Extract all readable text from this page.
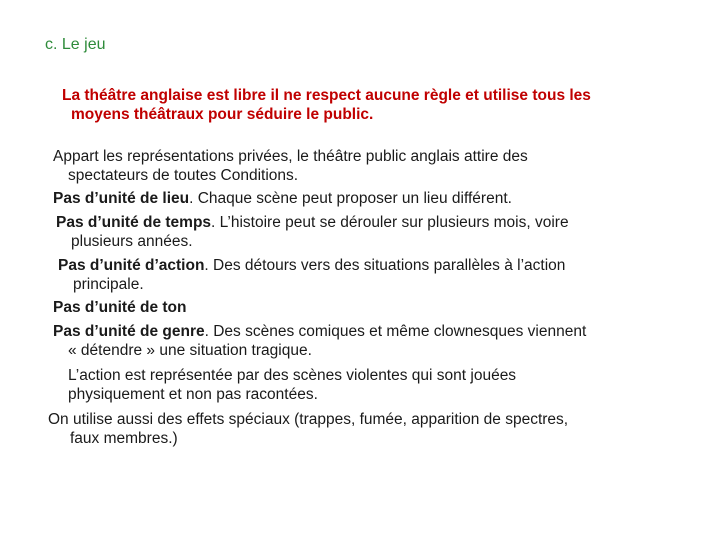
c. Le jeu
La théâtre anglaise est libre il ne respect aucune règle et utilise tous les
moyens théâtraux pour séduire le public.
Appart les représentations privées, le théâtre public anglais attire des
spectateurs de toutes Conditions.
Pas d’unité de lieu. Chaque scène peut proposer un lieu différent.
Pas d’unité de temps. L’histoire peut se dérouler sur plusieurs mois, voire
plusieurs années.
Pas d’unité d’action. Des détours vers des situations parallèles à l’action
principale.
Pas d’unité de ton
Pas d’unité de genre. Des scènes comiques et même clownesques viennent
« détendre » une situation tragique.
L’action est représentée par des scènes violentes qui sont jouées
physiquement et non pas racontées.
On utilise aussi des effets spéciaux (trappes, fumée, apparition de spectres,
faux membres.)
